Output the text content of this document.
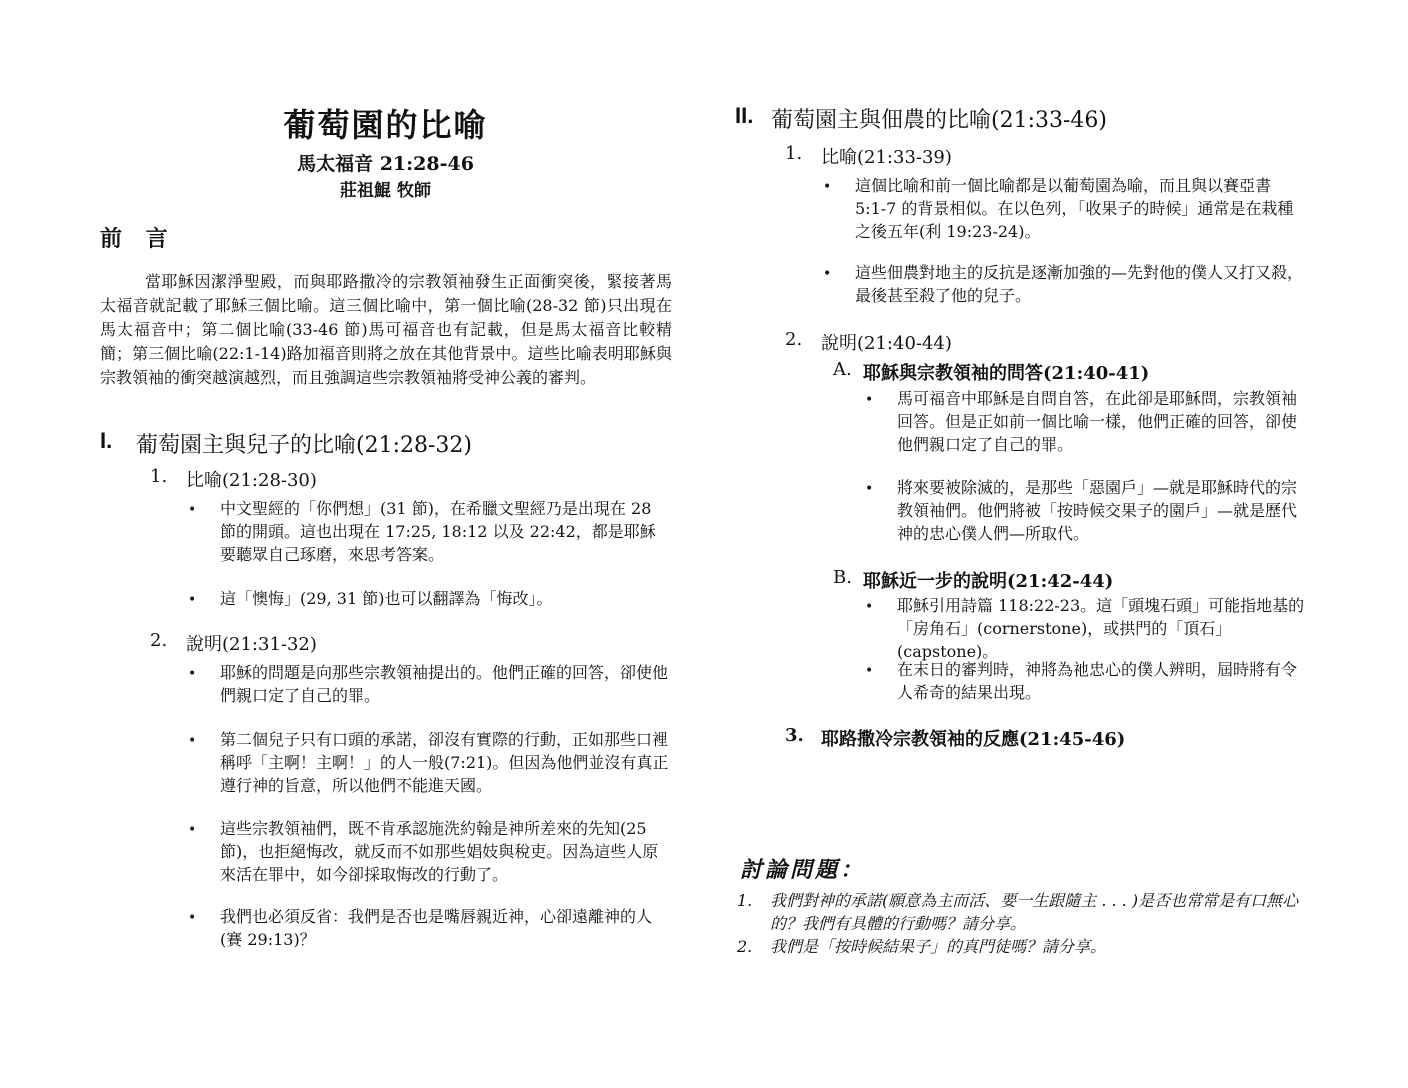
葡萄園的比喻
馬太福音 21:28-46
莊祖鯤 牧師
前 言
當耶穌因潔淨聖殿，而與耶路撒冷的宗教領袖發生正面衝突後，緊接著馬太福音就記載了耶穌三個比喻。這三個比喻中，第一個比喻(28-32 節)只出現在馬太福音中；第二個比喻(33-46 節)馬可福音也有記載，但是馬太福音比較精簡；第三個比喻(22:1-14)路加福音則將之放在其他背景中。這些比喻表明耶穌與宗教領袖的衝突越演越烈，而且強調這些宗教領袖將受神公義的審判。
I.	葡萄園主與兒子的比喻(21:28-32)
1.	比喻(21:28-30)
•
中文聖經的「你們想」(31 節)，在希臘文聖經乃是出現在 28 節的開頭。這也出現在 17:25, 18:12 以及 22:42，都是耶穌要聽眾自己琢磨，來思考答案。
•
這「懊悔」(29, 31 節)也可以翻譯為「悔改」。
2.	說明(21:31-32)
•
耶穌的問題是向那些宗教領袖提出的。他們正確的回答，卻使他們親口定了自己的罪。
•
第二個兒子只有口頭的承諾，卻沒有實際的行動，正如那些口裡稱呼「主啊！主啊！」的人一般(7:21)。但因為他們並沒有真正遵行神的旨意，所以他們不能進天國。
•
這些宗教領袖們，既不肯承認施洗約翰是神所差來的先知(25 節)，也拒絕悔改，就反而不如那些娼妓與稅吏。因為這些人原來活在罪中，如今卻採取悔改的行動了。
•
我們也必須反省：我們是否也是嘴唇親近神，心卻遠離神的人(賽 29:13)？
II. 葡萄園主與佃農的比喻(21:33-46)
1.	比喻(21:33-39)
•
這個比喻和前一個比喻都是以葡萄園為喻，而且與以賽亞書 5:1-7 的背景相似。在以色列，「收果子的時候」通常是在栽種之後五年(利 19:23-24)。
•
這些佃農對地主的反抗是逐漸加強的—先對他的僕人又打又殺，最後甚至殺了他的兒子。
2.	說明(21:40-44)
A. 耶穌與宗教領袖的問答(21:40-41)
•
馬可福音中耶穌是自問自答，在此卻是耶穌問，宗教領袖回答。但是正如前一個比喻一樣，他們正確的回答，卻使他們親口定了自己的罪。
•
將來要被除滅的，是那些「惡園戶」—就是耶穌時代的宗教領袖們。他們將被「按時候交果子的園戶」—就是歷代神的忠心僕人們—所取代。
B. 耶穌近一步的說明(21:42-44)
•
耶穌引用詩篇 118:22-23。這「頭塊石頭」可能指地基的「房角石」(cornerstone)，或拱門的「頂石」(capstone)。
•
在末日的審判時，神將為祂忠心的僕人辨明，屆時將有令人希奇的結果出現。
3. 耶路撒冷宗教領袖的反應(21:45-46)
討論問題：
1.	我們對神的承諾(願意為主而活、要一生跟隨主 . . . )是否也常常是有口無心的？我們有具體的行動嗎？請分享。
2.	我們是「按時候結果子」的真門徒嗎？請分享。
